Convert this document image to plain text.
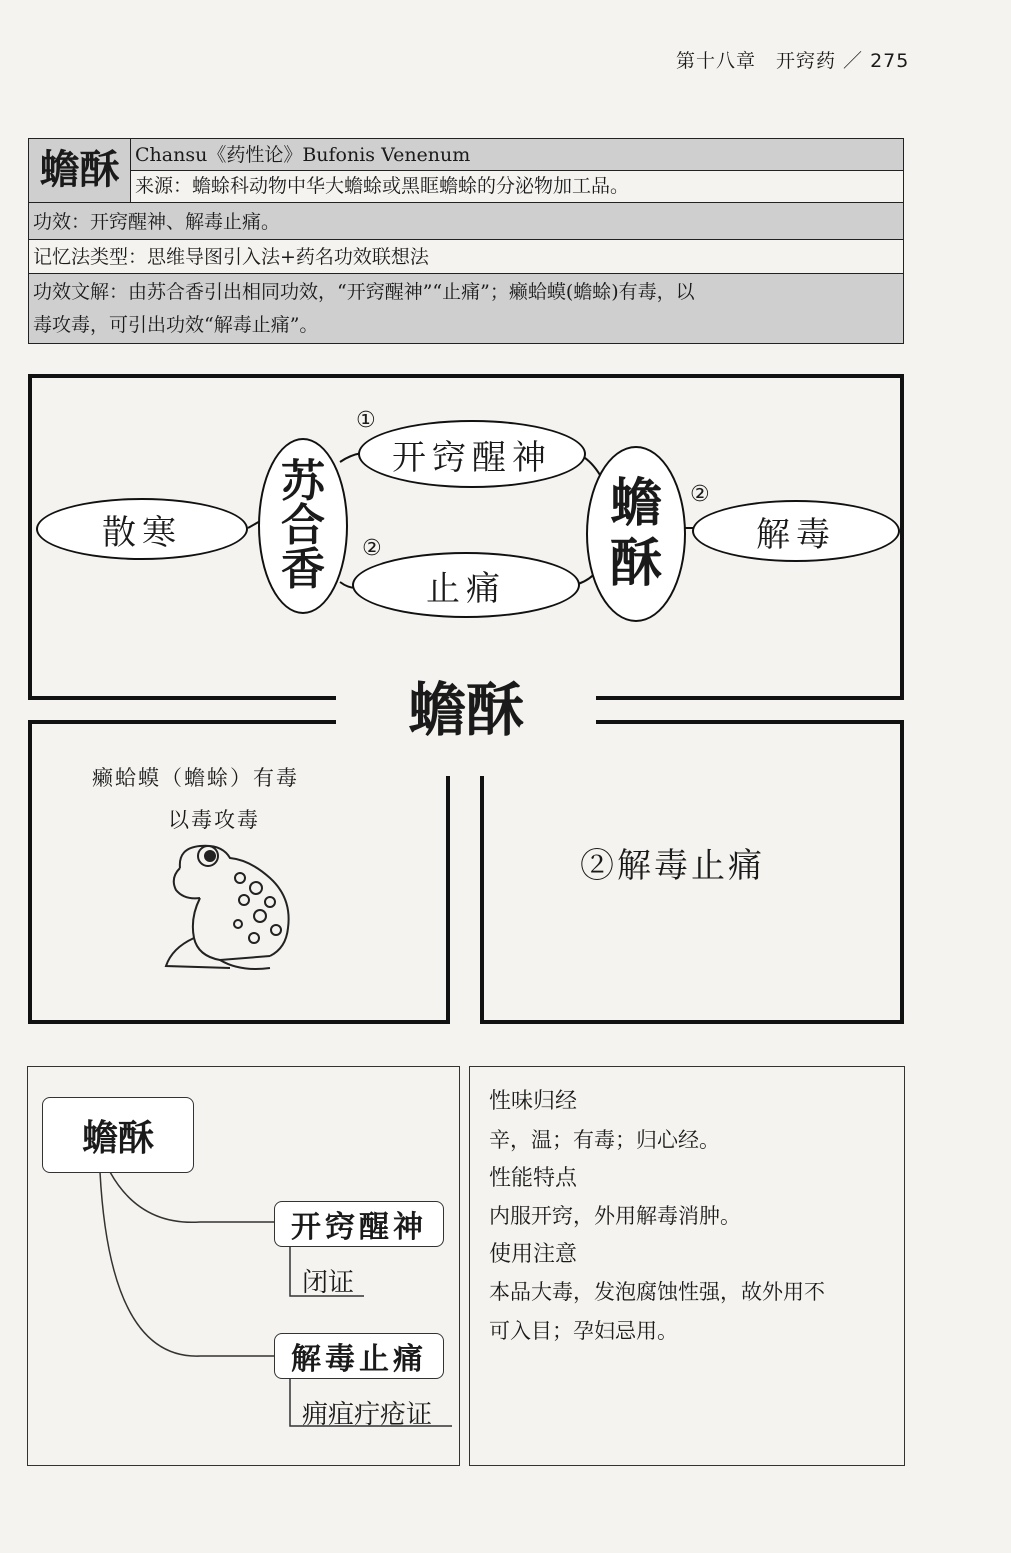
第十八章　开窍药 ／ 275
蟾酥 Chansu《药性论》Bufonis Venenum
来源：蟾蜍科动物中华大蟾蜍或黑眶蟾蜍的分泌物加工品。
功效：开窍醒神、解毒止痛。
记忆法类型：思维导图引入法+药名功效联想法
功效文解：由苏合香引出相同功效，“开窍醒神”“止痛”；癞蛤蟆(蟾蜍)有毒，以
毒攻毒，可引出功效“解毒止痛”。
散寒
苏
合
香
开窍醒神
止痛
蟾
酥	解毒
①
②
②
蟾酥
癞蛤蟆（蟾蜍）有毒
以毒攻毒
②解毒止痛
蟾酥
开窍醒神
闭证
解毒止痛
痈疽疔疮证
性味归经
辛，温；有毒；归心经。
性能特点
内服开窍，外用解毒消肿。
使用注意
本品大毒，发泡腐蚀性强，故外用不
可入目；孕妇忌用。
